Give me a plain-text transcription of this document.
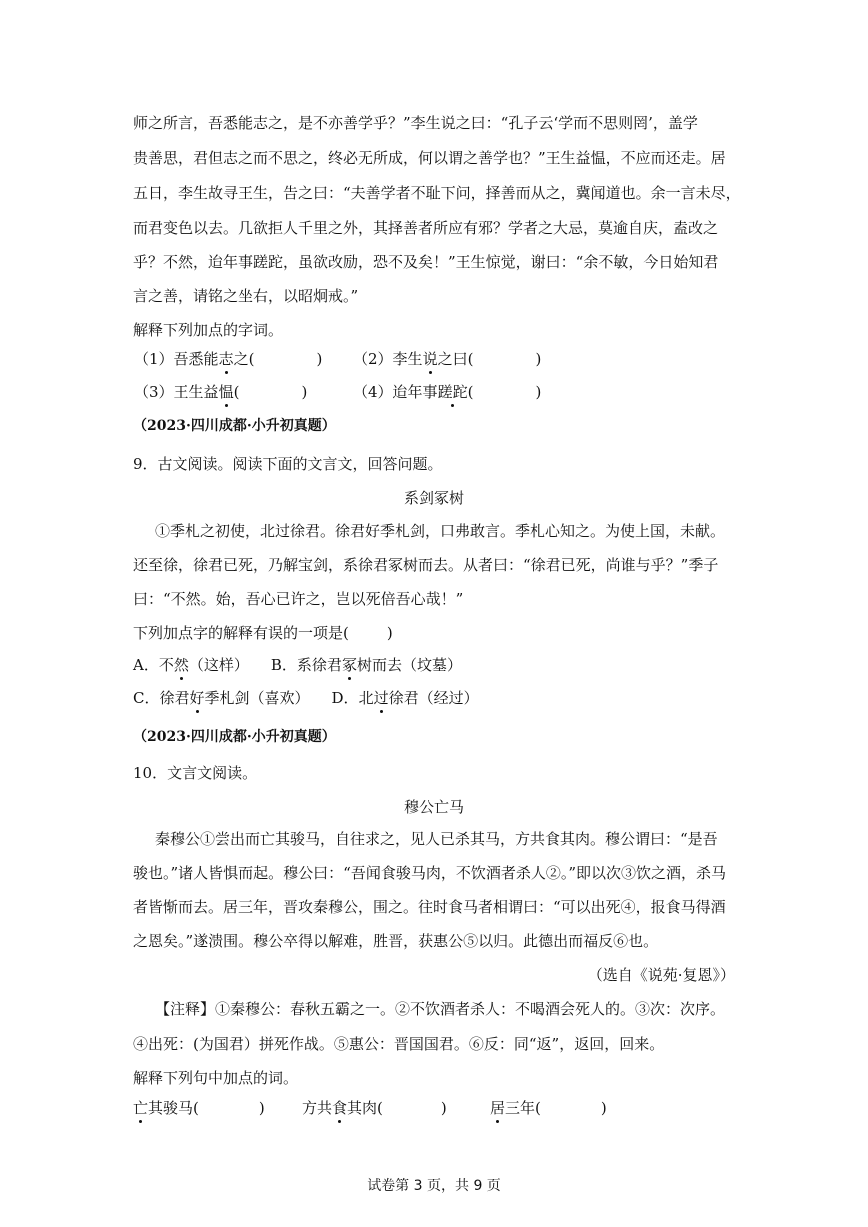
师之所言，吾悉能志之，是不亦善学乎？”李生说之曰：“孔子云‘学而不思则罔’，盖学
贵善思，君但志之而不思之，终必无所成，何以谓之善学也？”王生益愠，不应而还走。居
五日，李生故寻王生，告之曰：“夫善学者不耻下问，择善而从之，冀闻道也。余一言未尽，
而君变色以去。几欲拒人千里之外，其择善者所应有邪？学者之大忌，莫逾自庆，盍改之
乎？不然，迨年事蹉跎，虽欲改励，恐不及矣！”王生惊觉，谢曰：“余不敏，今日始知君
言之善，请铭之坐右，以昭炯戒。”
解释下列加点的字词。
（1）吾悉能志之(	) （2）李生说之曰(	)
（3）王生益愠(	)	（4）迨年事蹉跎(	)
（2023·四川成都·小升初真题）
9．古文阅读。阅读下面的文言文，回答问题。
系剑冢树
①季札之初使，北过徐君。徐君好季札剑，口弗敢言。季札心知之。为使上国，未献。
还至徐，徐君已死，乃解宝剑，系徐君冢树而去。从者曰：“徐君已死，尚谁与乎？”季子
曰：“不然。始，吾心已许之，岂以死倍吾心哉！”
下列加点字的解释有误的一项是(	)
A．不然（这样） B．系徐君冢树而去（坟墓）
C．徐君好季札剑（喜欢） D．北过徐君（经过）
（2023·四川成都·小升初真题）
10．文言文阅读。
穆公亡马
秦穆公①尝出而亡其骏马，自往求之，见人已杀其马，方共食其肉。穆公谓曰：“是吾
骏也。”诸人皆惧而起。穆公曰：“吾闻食骏马肉，不饮酒者杀人②。”即以次③饮之酒，杀马
者皆惭而去。居三年，晋攻秦穆公，围之。往时食马者相谓曰：“可以出死④，报食马得酒
之恩矣。”遂溃围。穆公卒得以解难，胜晋，获惠公⑤以归。此德出而福反⑥也。
（选自《说苑·复恩》）
【注释】①秦穆公：春秋五霸之一。②不饮酒者杀人：不喝酒会死人的。③次：次序。
④出死：(为国君）拼死作战。⑤惠公：晋国国君。⑥反：同“返”，返回，回来。
解释下列句中加点的词。
亡其骏马(	) 方共食其肉(	)	居三年(	)
试卷第 3 页，共 9 页
